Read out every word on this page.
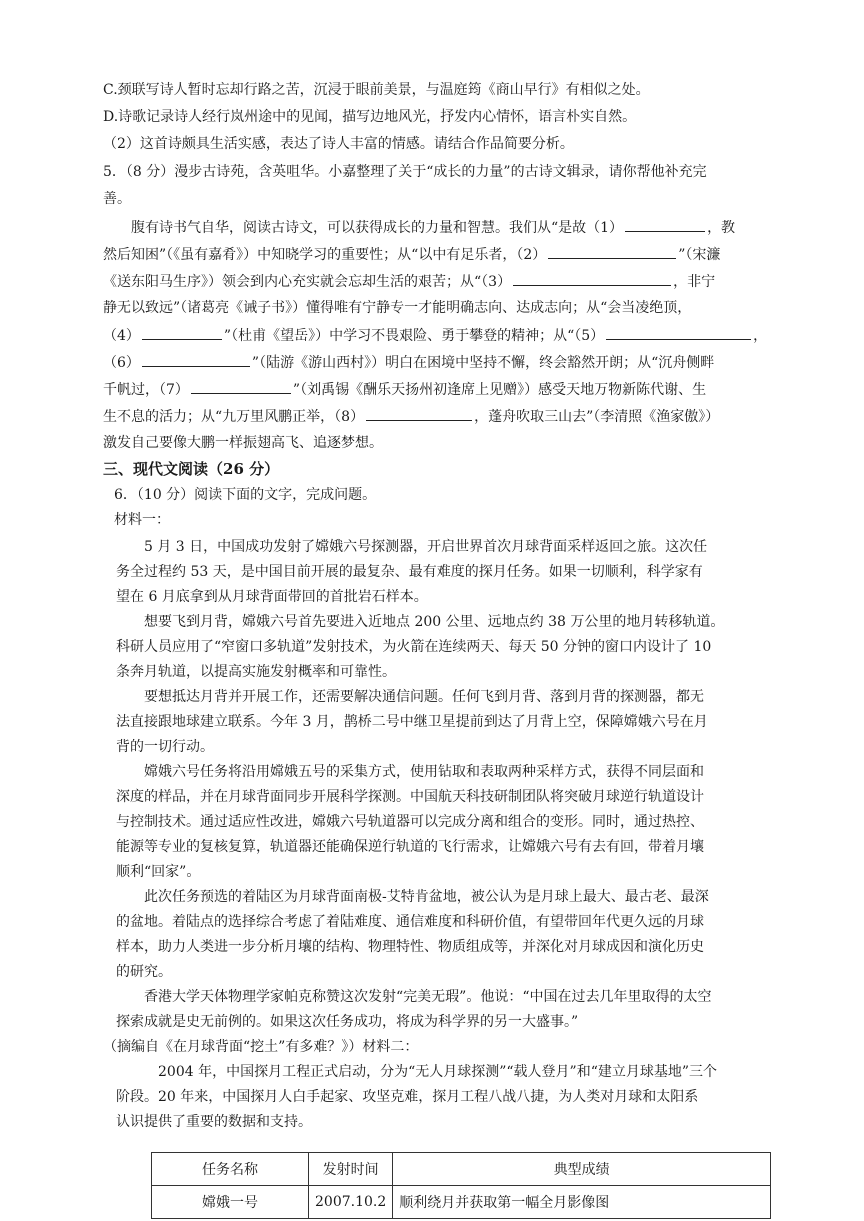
C.颈联写诗人暂时忘却行路之苦，沉浸于眼前美景，与温庭筠《商山早行》有相似之处。
D.诗歌记录诗人经行岚州途中的见闻，描写边地风光，抒发内心情怀，语言朴实自然。
（2）这首诗颇具生活实感，表达了诗人丰富的情感。请结合作品简要分析。
5．（8 分）漫步古诗苑，含英咀华。小嘉整理了关于“成长的力量”的古诗文辑录，请你帮他补充完
善。
腹有诗书气自华，阅读古诗文，可以获得成长的力量和智慧。我们从“是故（1）	，教
然后知困”（《虽有嘉肴》）中知晓学习的重要性；从“以中有足乐者，（2）	”（宋濂
《送东阳马生序》）领会到内心充实就会忘却生活的艰苦；从“（3）	，非宁
静无以致远”（诸葛亮《诫子书》）懂得唯有宁静专一才能明确志向、达成志向；从“会当凌绝顶，
（4）	”（杜甫《望岳》）中学习不畏艰险、勇于攀登的精神；从“（5）	，
（6）	”（陆游《游山西村》）明白在困境中坚持不懈，终会豁然开朗；从“沉舟侧畔
千帆过，（7）	”（刘禹锡《酬乐天扬州初逢席上见赠》）感受天地万物新陈代谢、生
生不息的活力；从“九万里风鹏正举，（8）	，蓬舟吹取三山去”（李清照《渔家傲》）
激发自己要像大鹏一样振翅高飞、追逐梦想。
三、现代文阅读（26 分）
6．（10 分）阅读下面的文字，完成问题。
材料一：
5 月 3 日，中国成功发射了嫦娥六号探测器，开启世界首次月球背面采样返回之旅。这次任
务全过程约 53 天，是中国目前开展的最复杂、最有难度的探月任务。如果一切顺利，科学家有
望在 6 月底拿到从月球背面带回的首批岩石样本。
想要飞到月背，嫦娥六号首先要进入近地点 200 公里、远地点约 38 万公里的地月转移轨道。
科研人员应用了“窄窗口多轨道”发射技术，为火箭在连续两天、每天 50 分钟的窗口内设计了 10
条奔月轨道，以提高实施发射概率和可靠性。
要想抵达月背并开展工作，还需要解决通信问题。任何飞到月背、落到月背的探测器，都无
法直接跟地球建立联系。今年 3 月，鹊桥二号中继卫星提前到达了月背上空，保障嫦娥六号在月
背的一切行动。
嫦娥六号任务将沿用嫦娥五号的采集方式，使用钻取和表取两种采样方式，获得不同层面和
深度的样品，并在月球背面同步开展科学探测。中国航天科技研制团队将突破月球逆行轨道设计
与控制技术。通过适应性改进，嫦娥六号轨道器可以完成分离和组合的变形。同时，通过热控、
能源等专业的复核复算，轨道器还能确保逆行轨道的飞行需求，让嫦娥六号有去有回，带着月壤
顺利“回家”。
此次任务预选的着陆区为月球背面南极-艾特肯盆地，被公认为是月球上最大、最古老、最深
的盆地。着陆点的选择综合考虑了着陆难度、通信难度和科研价值，有望带回年代更久远的月球
样本，助力人类进一步分析月壤的结构、物理特性、物质组成等，并深化对月球成因和演化历史
的研究。
香港大学天体物理学家帕克称赞这次发射“完美无瑕”。他说：“中国在过去几年里取得的太空
探索成就是史无前例的。如果这次任务成功，将成为科学界的另一大盛事。”
（摘编自《在月球背面“挖土”有多难？》）材料二：
2004 年，中国探月工程正式启动，分为“无人月球探测”“载人登月”和“建立月球基地”三个
阶段。20 年来，中国探月人白手起家、攻坚克难，探月工程八战八捷，为人类对月球和太阳系
认识提供了重要的数据和支持。
任务名称	发射时间	典型成绩
嫦娥一号	2007.10.2	顺利绕月并获取第一幅全月影像图
